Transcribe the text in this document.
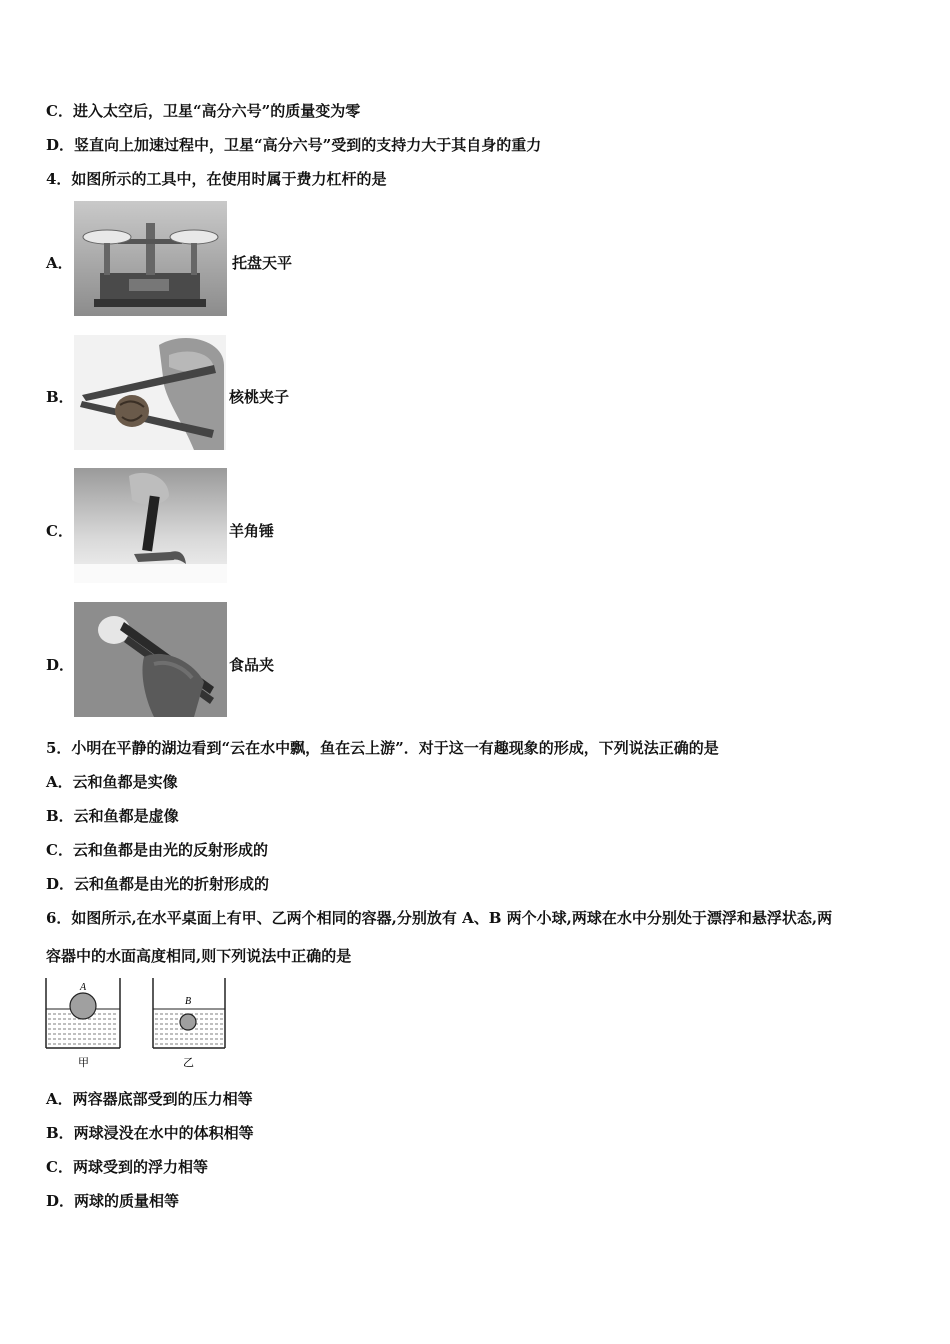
C．进入太空后，卫星“高分六号”的质量变为零
D．竖直向上加速过程中，卫星“高分六号”受到的支持力大于其自身的重力
4．如图所示的工具中，在使用时属于费力杠杆的是
A．	托盘天平
B．	核桃夹子
C．	羊角锤
D．	食品夹
5．小明在平静的湖边看到“云在水中飘，鱼在云上游”．对于这一有趣现象的形成，下列说法正确的是
A．云和鱼都是实像
B．云和鱼都是虚像
C．云和鱼都是由光的反射形成的
D．云和鱼都是由光的折射形成的
6．如图所示,在水平桌面上有甲、乙两个相同的容器,分别放有 A、B 两个小球,两球在水中分别处于漂浮和悬浮状态,两
容器中的水面高度相同,则下列说法中正确的是
A
B
甲	乙
A．两容器底部受到的压力相等
B．两球浸没在水中的体积相等
C．两球受到的浮力相等
D．两球的质量相等
